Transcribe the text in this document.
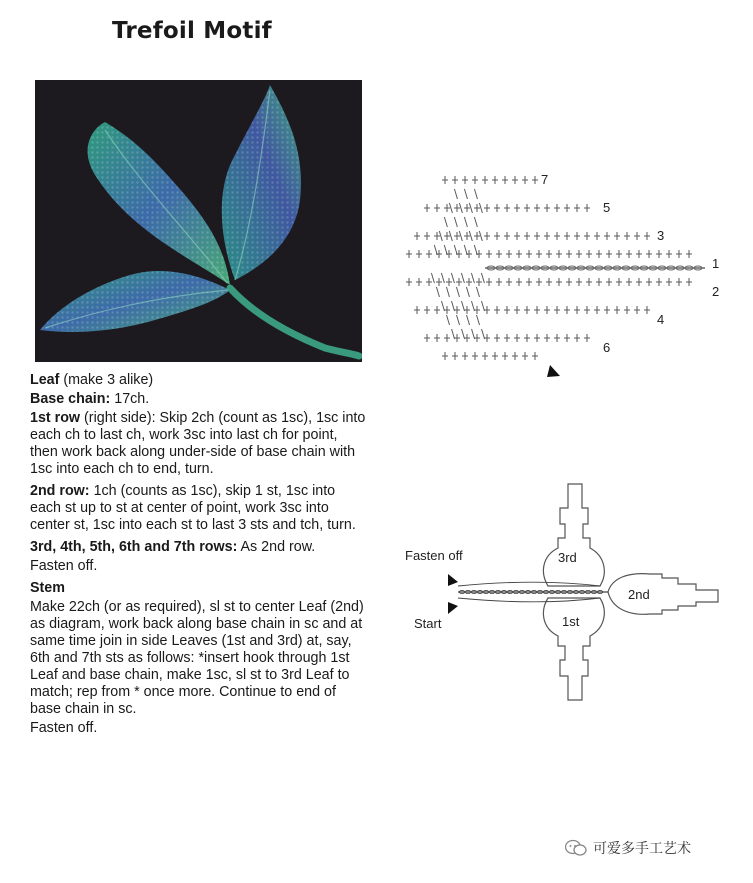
Trefoil Motif

Leaf (make 3 alike)

Base chain: 17ch.

1st row (right side): Skip 2ch (count as 1sc), 1sc into each ch to last ch, work 3sc into last ch for point, then work back along under-side of base chain with 1sc into each ch to end, turn.

2nd row: 1ch (counts as 1sc), skip 1 st, 1sc into each st up to st at center of point, work 3sc into center st, 1sc into each st to last 3 sts and tch, turn.

3rd, 4th, 5th, 6th and 7th rows: As 2nd row.

Fasten off.

Stem

Make 22ch (or as required), sl st to center Leaf (2nd) as diagram, work back along base chain in sc and at same time join in side Leaves (1st and 3rd) at, say, 6th and 7th sts as follows: *insert hook through 1st Leaf and base chain, make 1sc, sl st to 3rd Leaf to match; rep from * once more. Continue to end of base chain in sc.

Fasten off.

7
5
3
1
2
4
6
Fasten off
Start
3rd
2nd
1st
可爱多手工艺术
